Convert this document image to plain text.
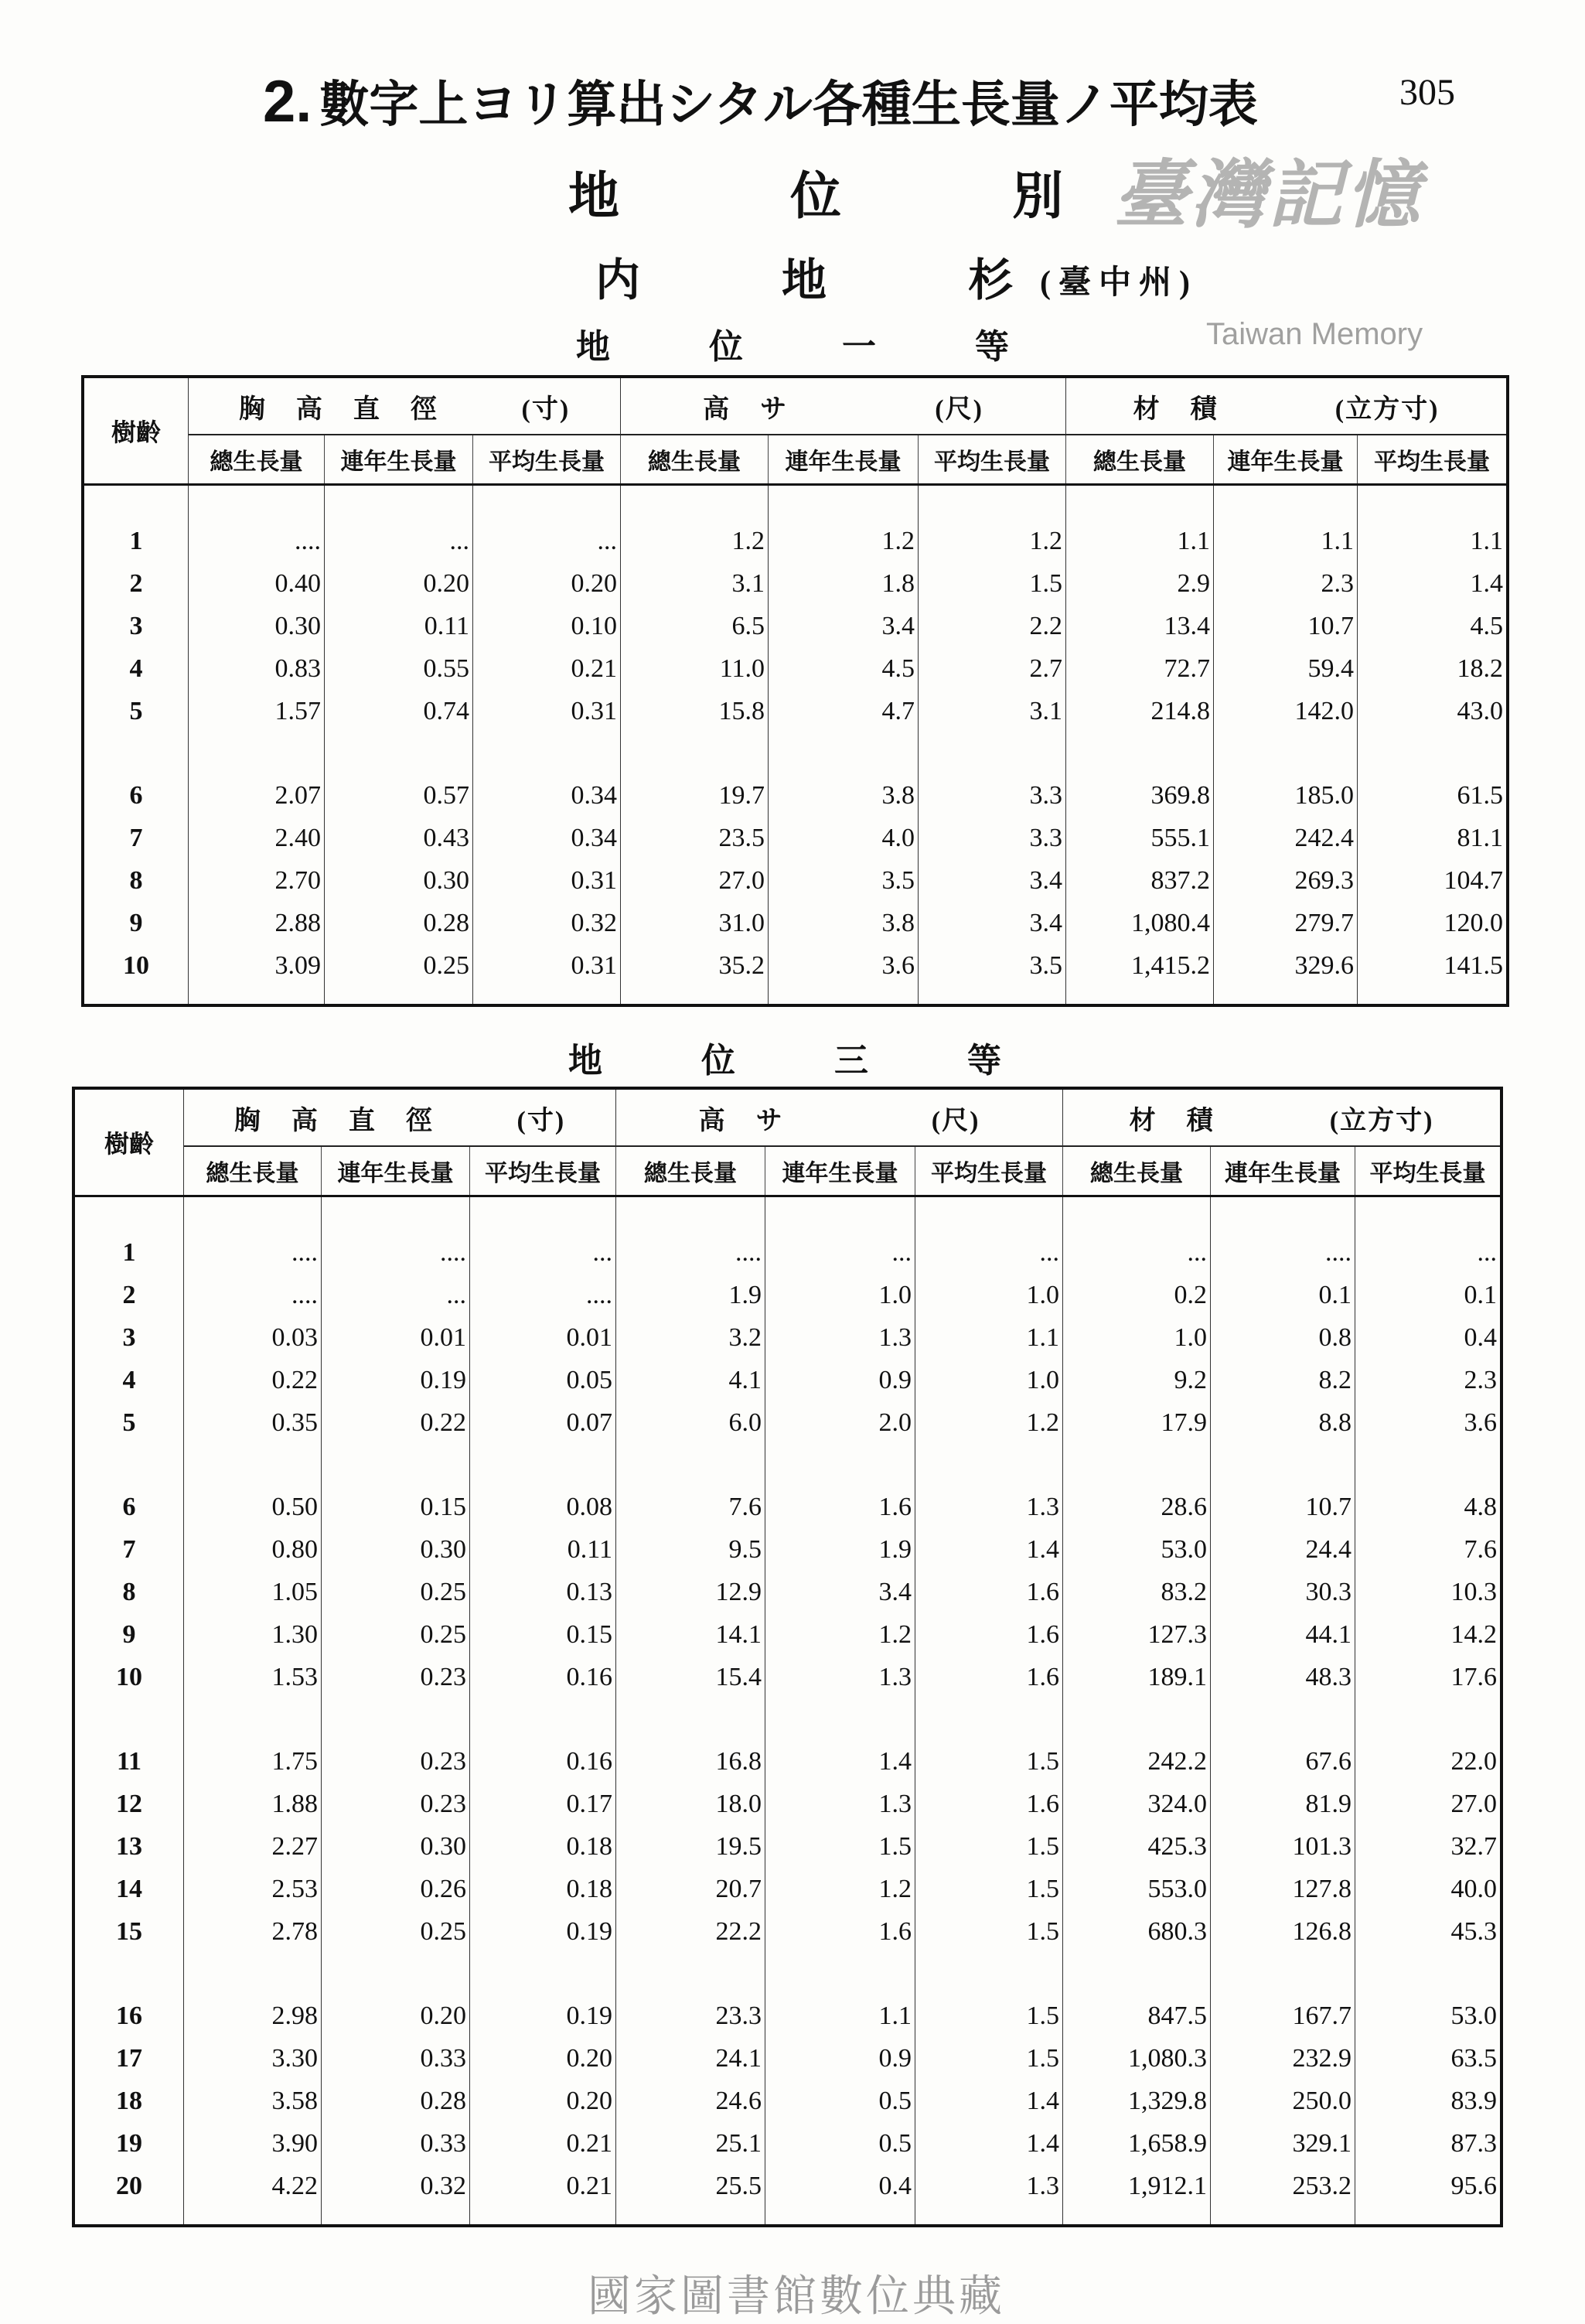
2. 數字上ヨリ算出シタル各種生長量ノ平均表	305
地	位	別
内	地	杉 (臺中州)
地	位	一	等
樹齡
胸高直徑 (寸)	高サ	(尺)	材積	(立方寸)
總生長量	連年生長量	平均生長量	總生長量	連年生長量	平均生長量	總生長量	連年生長量	平均生長量
1	....	...	...	1.2	1.2	1.2	1.1	1.1	1.1
2	0.40	0.20	0.20	3.1	1.8	1.5	2.9	2.3	1.4
3	0.30	0.11	0.10	6.5	3.4	2.2	13.4	10.7	4.5
4	0.83	0.55	0.21	11.0	4.5	2.7	72.7	59.4	18.2
5	1.57	0.74	0.31	15.8	4.7	3.1	214.8	142.0	43.0
6	2.07	0.57	0.34	19.7	3.8	3.3	369.8	185.0	61.5
7	2.40	0.43	0.34	23.5	4.0	3.3	555.1	242.4	81.1
8	2.70	0.30	0.31	27.0	3.5	3.4	837.2	269.3	104.7
9	2.88	0.28	0.32	31.0	3.8	3.4	1,080.4	279.7	120.0
10	3.09	0.25	0.31	35.2	3.6	3.5	1,415.2	329.6	141.5
地	位	三	等
樹齡
胸高直徑 (寸)	高サ	(尺)	材積	(立方寸)
總生長量	連年生長量	平均生長量	總生長量	連年生長量	平均生長量	總生長量	連年生長量	平均生長量
1	....	....	...	....	...	...	...	....	...
2	....	...	....	1.9	1.0	1.0	0.2	0.1	0.1
3	0.03	0.01	0.01	3.2	1.3	1.1	1.0	0.8	0.4
4	0.22	0.19	0.05	4.1	0.9	1.0	9.2	8.2	2.3
5	0.35	0.22	0.07	6.0	2.0	1.2	17.9	8.8	3.6
6	0.50	0.15	0.08	7.6	1.6	1.3	28.6	10.7	4.8
7	0.80	0.30	0.11	9.5	1.9	1.4	53.0	24.4	7.6
8	1.05	0.25	0.13	12.9	3.4	1.6	83.2	30.3	10.3
9	1.30	0.25	0.15	14.1	1.2	1.6	127.3	44.1	14.2
10	1.53	0.23	0.16	15.4	1.3	1.6	189.1	48.3	17.6
11	1.75	0.23	0.16	16.8	1.4	1.5	242.2	67.6	22.0
12	1.88	0.23	0.17	18.0	1.3	1.6	324.0	81.9	27.0
13	2.27	0.30	0.18	19.5	1.5	1.5	425.3	101.3	32.7
14	2.53	0.26	0.18	20.7	1.2	1.5	553.0	127.8	40.0
15	2.78	0.25	0.19	22.2	1.6	1.5	680.3	126.8	45.3
16	2.98	0.20	0.19	23.3	1.1	1.5	847.5	167.7	53.0
17	3.30	0.33	0.20	24.1	0.9	1.5	1,080.3	232.9	63.5
18	3.58	0.28	0.20	24.6	0.5	1.4	1,329.8	250.0	83.9
19	3.90	0.33	0.21	25.1	0.5	1.4	1,658.9	329.1	87.3
20	4.22	0.32	0.21	25.5	0.4	1.3	1,912.1	253.2	95.6
臺灣記憶
Taiwan Memory
國家圖書館數位典藏
